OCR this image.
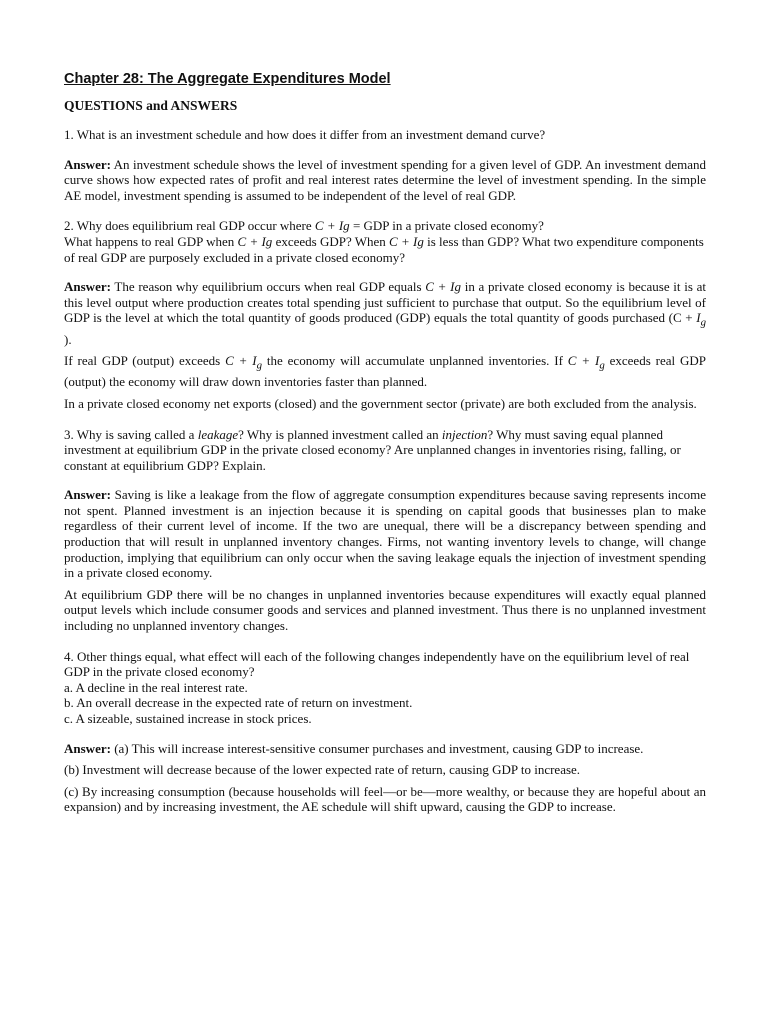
Chapter 28: The Aggregate Expenditures Model
QUESTIONS and ANSWERS

1. What is an investment schedule and how does it differ from an investment demand curve?

Answer: An investment schedule shows the level of investment spending for a given level of GDP. An investment demand curve shows how expected rates of profit and real interest rates determine the level of investment spending. In the simple AE model, investment spending is assumed to be independent of the level of real GDP.

2. Why does equilibrium real GDP occur where C + Ig = GDP in a private closed economy?
What happens to real GDP when C + Ig exceeds GDP? When C + Ig is less than GDP? What two expenditure components of real GDP are purposely excluded in a private closed economy?

Answer: The reason why equilibrium occurs when real GDP equals C + Ig in a private closed economy is because it is at this level output where production creates total spending just sufficient to purchase that output. So the equilibrium level of GDP is the level at which the total quantity of goods produced (GDP) equals the total quantity of goods purchased ($C + I_g$ ).

If real GDP (output) exceeds $C + I_g$ the economy will accumulate unplanned inventories. If $C + I_g$ exceeds real GDP (output) the economy will draw down inventories faster than planned.

In a private closed economy net exports (closed) and the government sector (private) are both excluded from the analysis.

3. Why is saving called a leakage? Why is planned investment called an injection? Why must saving equal planned investment at equilibrium GDP in the private closed economy? Are unplanned changes in inventories rising, falling, or constant at equilibrium GDP? Explain.

Answer: Saving is like a leakage from the flow of aggregate consumption expenditures because saving represents income not spent. Planned investment is an injection because it is spending on capital goods that businesses plan to make regardless of their current level of income. If the two are unequal, there will be a discrepancy between spending and production that will result in unplanned inventory changes. Firms, not wanting inventory levels to change, will change production, implying that equilibrium can only occur when the saving leakage equals the injection of investment spending in a private closed economy.

At equilibrium GDP there will be no changes in unplanned inventories because expenditures will exactly equal planned output levels which include consumer goods and services and planned investment. Thus there is no unplanned investment including no unplanned inventory changes.

4. Other things equal, what effect will each of the following changes independently have on the equilibrium level of real GDP in the private closed economy?
a. A decline in the real interest rate.
b. An overall decrease in the expected rate of return on investment.
c. A sizeable, sustained increase in stock prices.

Answer: (a) This will increase interest-sensitive consumer purchases and investment, causing GDP to increase.

(b) Investment will decrease because of the lower expected rate of return, causing GDP to increase.

(c) By increasing consumption (because households will feel—or be—more wealthy, or because they are hopeful about an expansion) and by increasing investment, the AE schedule will shift upward, causing the GDP to increase.
